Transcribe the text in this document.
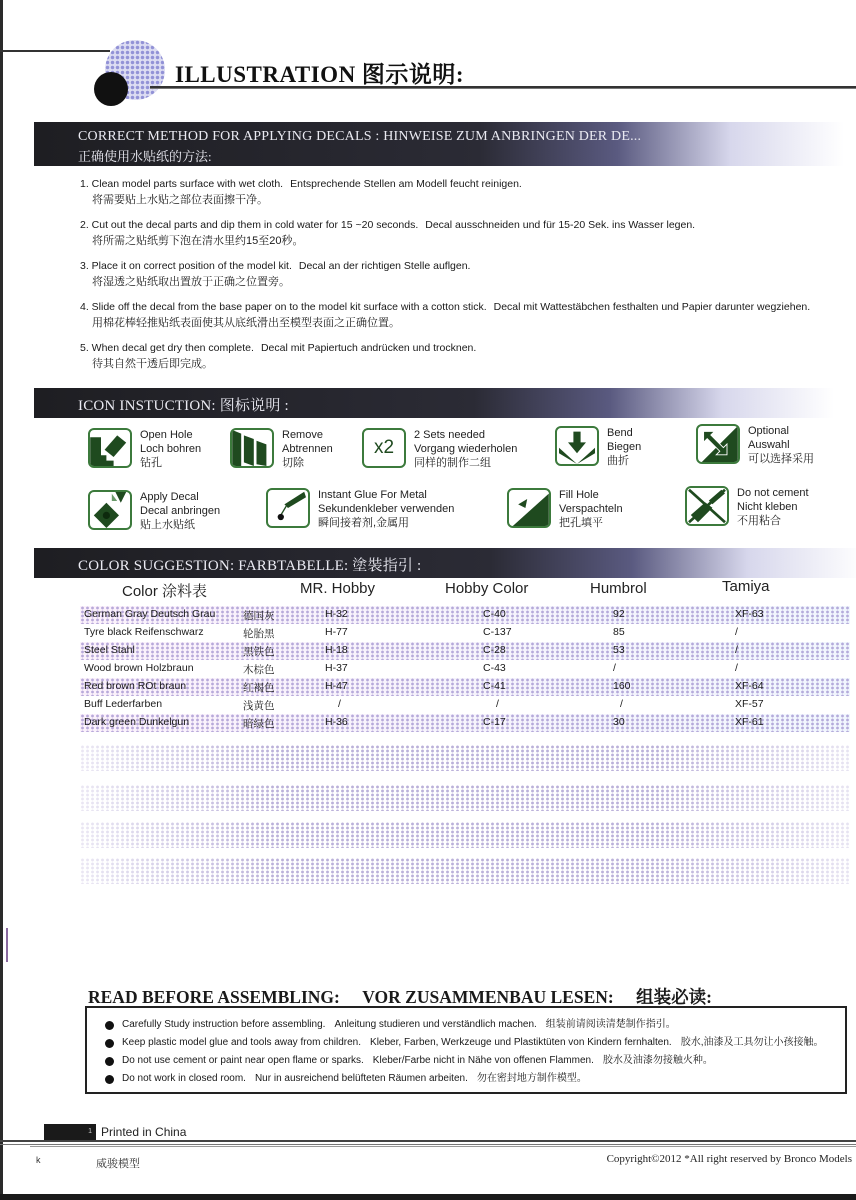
ILLUSTRATION 图示说明:
CORRECT METHOD FOR APPLYING DECALS : HINWEISE ZUM ANBRINGEN DER DE...
正确使用水贴纸的方法:
1. Clean model parts surface with wet cloth. Entsprechende Stellen am Modell feucht reinigen.
将需要贴上水贴之部位表面擦干净。
2. Cut out the decal parts and dip them in cold water for 15 ~20 seconds. Decal ausschneiden und für 15-20 Sek. ins Wasser legen.
将所需之贴纸剪下泡在清水里约15至20秒。
3. Place it on correct position of the model kit. Decal an der richtigen Stelle auflgen.
将湿透之贴纸取出置放于正确之位置旁。
4. Slide off the decal from the base paper on to the model kit surface with a cotton stick. Decal mit Wattestäbchen festhalten und Papier darunter wegziehen.
用棉花棒轻推贴纸表面使其从底纸滑出至模型表面之正确位置。
5. When decal get dry then complete. Decal mit Papiertuch andrücken und trocknen.
待其自然干透后即完成。
ICON INSTUCTION: 图标说明 :
Open Hole
Loch bohren
钻孔
Remove
Abtrennen
切除
x2
2 Sets needed
Vorgang wiederholen
同样的制作二组
Bend
Biegen
曲折
Optional
Auswahl
可以选择采用
Apply Decal
Decal anbringen
贴上水贴纸
Instant Glue For Metal
Sekundenkleber verwenden
瞬间接着剂,金属用
Fill Hole
Verspachteln
把孔填平
Do not cement
Nicht kleben
不用粘合
COLOR SUGGESTION: FARBTABELLE: 塗裝指引 :
Color 涂料表	MR. Hobby	Hobby Color	Humbrol	Tamiya
German Gray Deutsch Grau	德国灰	H-32	C-40	92	XF-63
Tyre black Reifenschwarz	轮胎黑	H-77	C-137	85	/
Steel Stahl	黑铁色	H-18	C-28	53	/
Wood brown Holzbraun	木棕色	H-37	C-43	/	/
Red brown ROt braun	红褐色	H-47	C-41	160	XF-64
Buff Lederfarben	浅黄色	/	/	/	XF-57
Dark green Dunkelgun	暗绿色	H-36	C-17	30	XF-61
READ BEFORE ASSEMBLING: VOR ZUSAMMENBAU LESEN: 组装必读:
Carefully Study instruction before assembling. Anleitung studieren und verständlich machen. 组装前请阅读清楚制作指引。
Keep plastic model glue and tools away from children. Kleber, Farben, Werkzeuge und Plastiktüten von Kindern fernhalten. 胶水,油漆及工具勿让小孩接触。
Do not use cement or paint near open flame or sparks. Kleber/Farbe nicht in Nähe von offenen Flammen. 胶水及油漆勿接触火种。
Do not work in closed room. Nur in ausreichend belüfteten Räumen arbeiten. 勿在密封地方制作模型。
1 Printed in China
k	威骏模型	Copyright©2012 *All right reserved by Bronco Models
